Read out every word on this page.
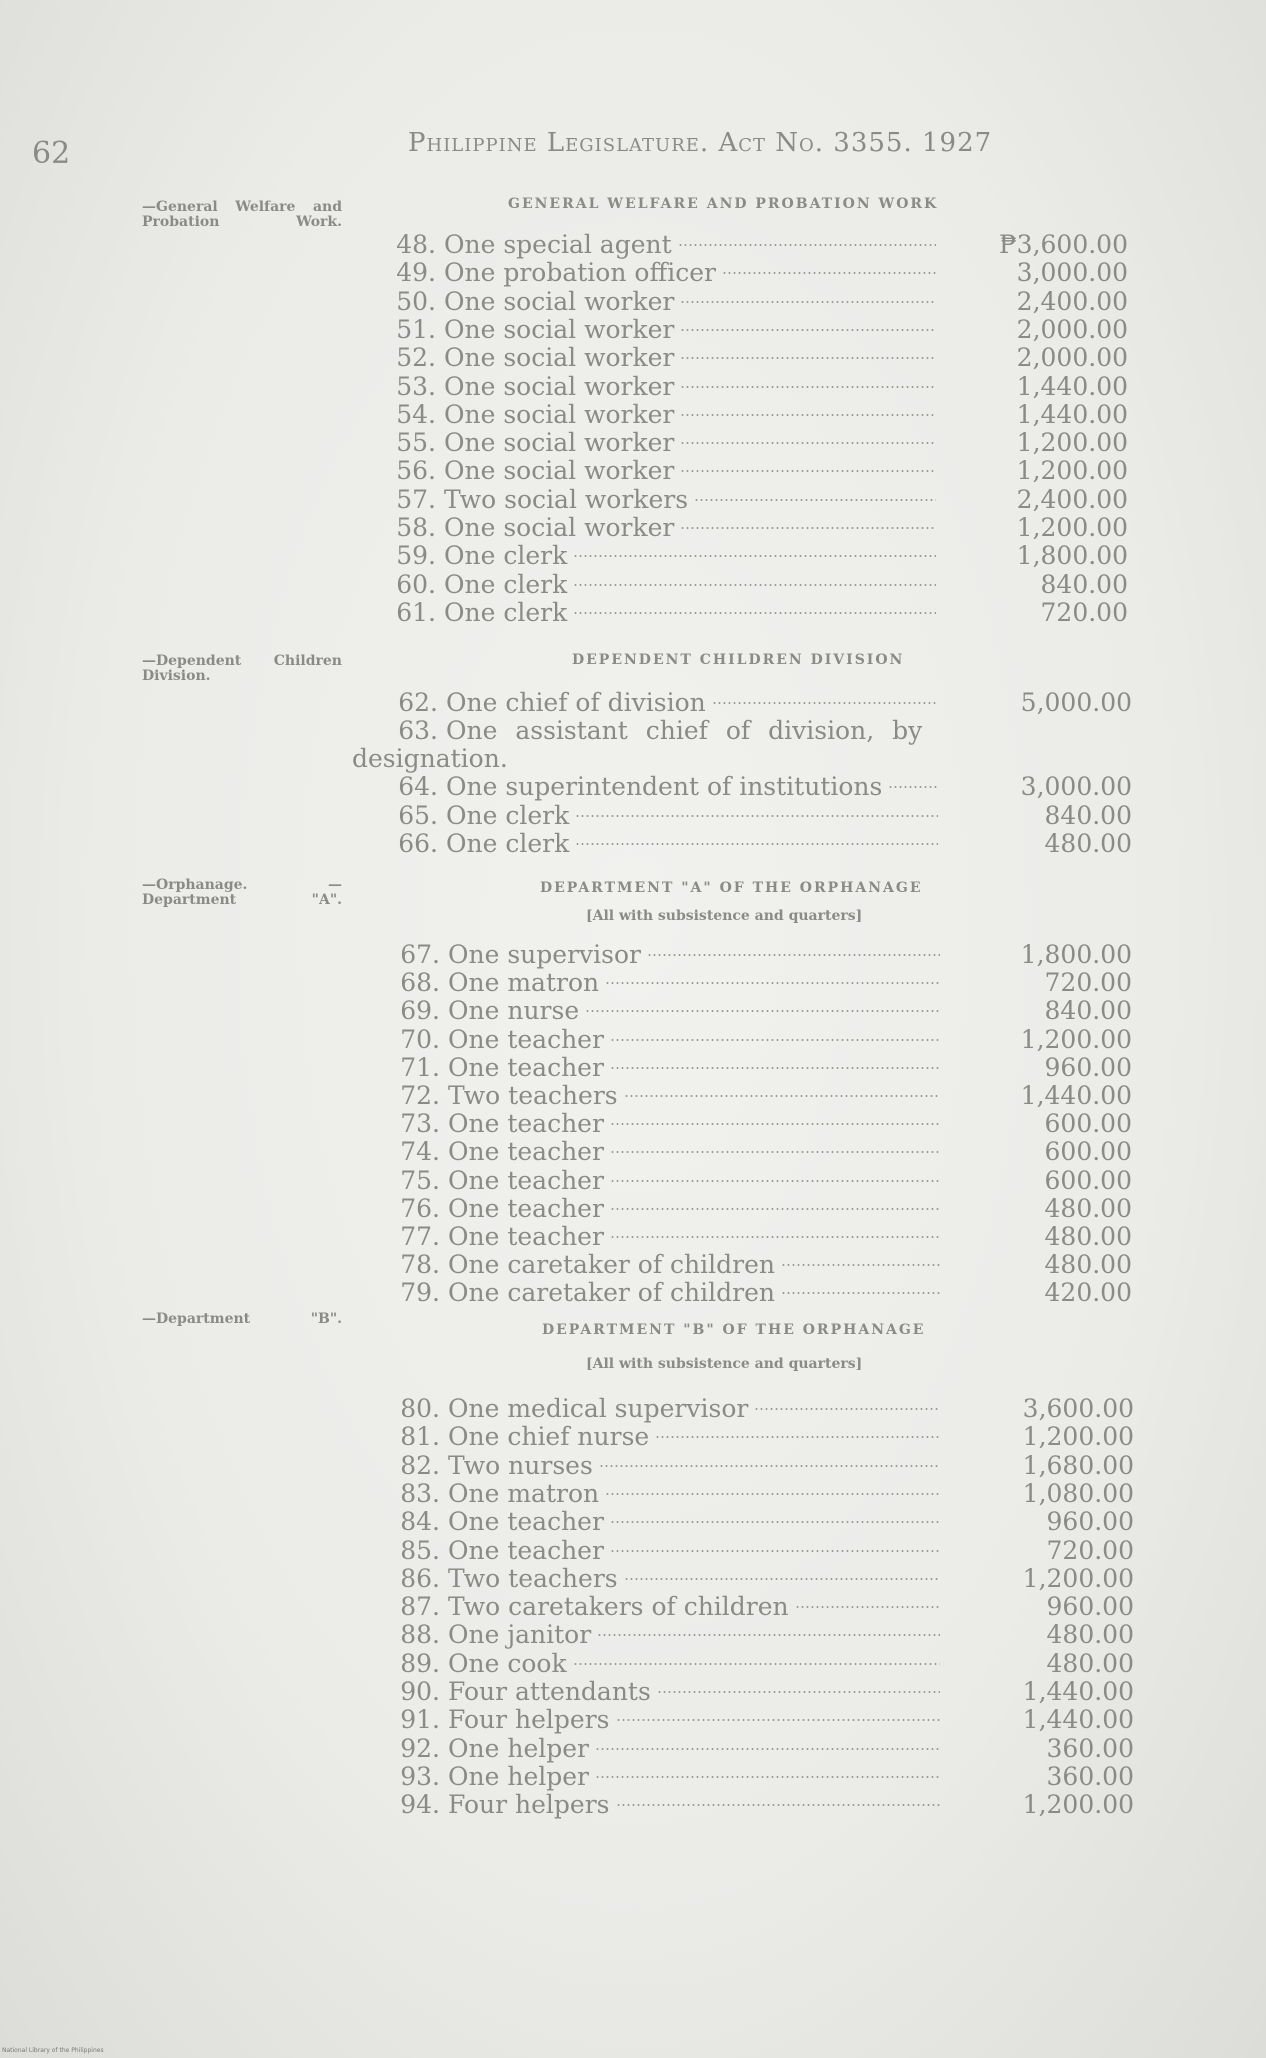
62	Philippine Legislature. Act No. 3355. 1927
—General Welfare and Probation Work.
GENERAL WELFARE AND PROBATION WORK
48. One special agent	₱3,600.00
49. One probation officer	3,000.00
50. One social worker	2,400.00
51. One social worker	2,000.00
52. One social worker	2,000.00
53. One social worker	1,440.00
54. One social worker	1,440.00
55. One social worker	1,200.00
56. One social worker	1,200.00
57. Two social workers	2,400.00
58. One social worker	1,200.00
59. One clerk	1,800.00
60. One clerk	840.00
61. One clerk	720.00
—Dependent Children Division.
DEPENDENT CHILDREN DIVISION
62. One chief of division	5,000.00
63. One assistant chief of division, by
designation.
64. One superintendent of institutions	3,000.00
65. One clerk	840.00
66. One clerk	480.00
—Orphanage. —Department "A".
DEPARTMENT "A" OF THE ORPHANAGE
[All with subsistence and quarters]
67. One supervisor	1,800.00
68. One matron	720.00
69. One nurse	840.00
70. One teacher	1,200.00
71. One teacher	960.00
72. Two teachers	1,440.00
73. One teacher	600.00
74. One teacher	600.00
75. One teacher	600.00
76. One teacher	480.00
77. One teacher	480.00
78. One caretaker of children	480.00
79. One caretaker of children	420.00
—Department "B".
DEPARTMENT "B" OF THE ORPHANAGE
[All with subsistence and quarters]
80. One medical supervisor	3,600.00
81. One chief nurse	1,200.00
82. Two nurses	1,680.00
83. One matron	1,080.00
84. One teacher	960.00
85. One teacher	720.00
86. Two teachers	1,200.00
87. Two caretakers of children	960.00
88. One janitor	480.00
89. One cook	480.00
90. Four attendants	1,440.00
91. Four helpers	1,440.00
92. One helper	360.00
93. One helper	360.00
94. Four helpers	1,200.00
National Library of the Philippines
